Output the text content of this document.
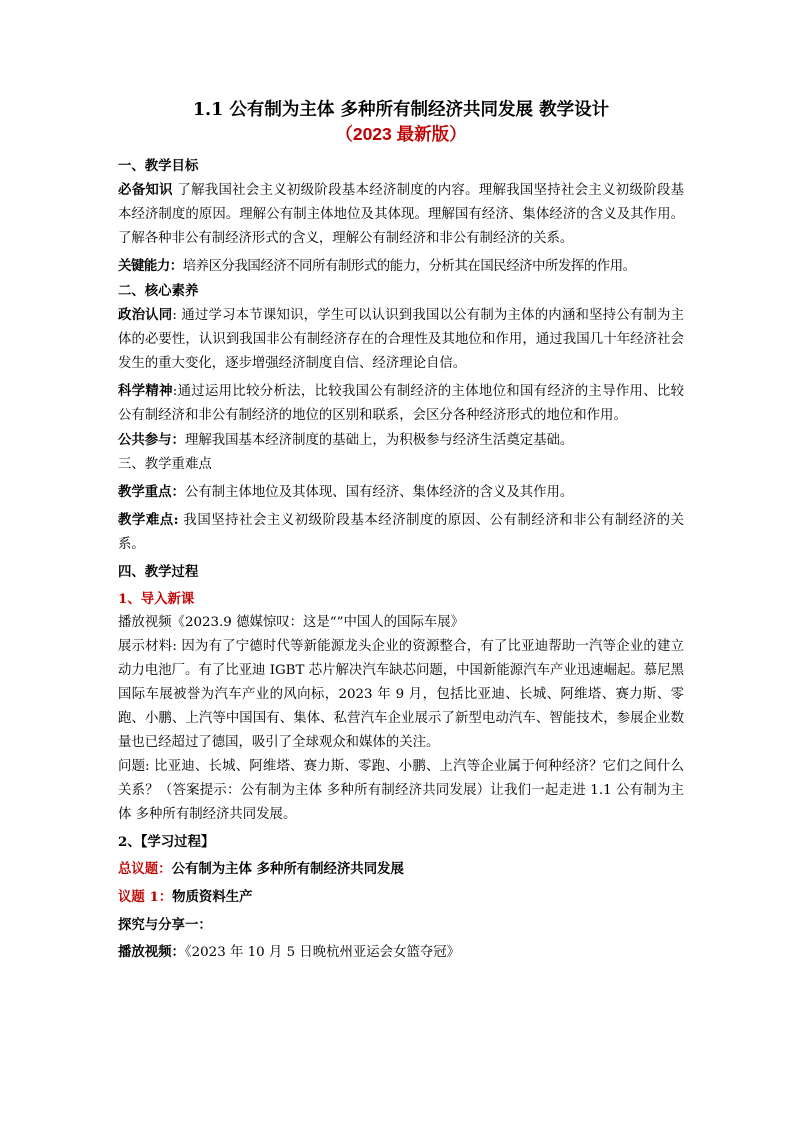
1.1 公有制为主体 多种所有制经济共同发展 教学设计
（2023 最新版）
一、教学目标

必备知识 了解我国社会主义初级阶段基本经济制度的内容。理解我国坚持社会主义初级阶段基本经济制度的原因。理解公有制主体地位及其体现。理解国有经济、集体经济的含义及其作用。了解各种非公有制经济形式的含义，理解公有制经济和非公有制经济的关系。

关键能力：培养区分我国经济不同所有制形式的能力，分析其在国民经济中所发挥的作用。

二、核心素养

政治认同: 通过学习本节课知识，学生可以认识到我国以公有制为主体的内涵和坚持公有制为主体的必要性，认识到我国非公有制经济存在的合理性及其地位和作用，通过我国几十年经济社会发生的重大变化，逐步增强经济制度自信、经济理论自信。

科学精神:通过运用比较分析法，比较我国公有制经济的主体地位和国有经济的主导作用、比较公有制经济和非公有制经济的地位的区别和联系，会区分各种经济形式的地位和作用。

公共参与：理解我国基本经济制度的基础上，为积极参与经济生活奠定基础。

三、教学重难点

教学重点：公有制主体地位及其体现、国有经济、集体经济的含义及其作用。

教学难点: 我国坚持社会主义初级阶段基本经济制度的原因、公有制经济和非公有制经济的关系。

四、教学过程
1、导入新课

播放视频《2023.9 德媒惊叹：这是“”中国人的国际车展》

展示材料: 因为有了宁德时代等新能源龙头企业的资源整合，有了比亚迪帮助一汽等企业的建立动力电池厂。有了比亚迪 IGBT 芯片解决汽车缺芯问题，中国新能源汽车产业迅速崛起。慕尼黑国际车展被誉为汽车产业的风向标，2023 年 9 月，包括比亚迪、长城、阿维塔、赛力斯、零跑、小鹏、上汽等中国国有、集体、私营汽车企业展示了新型电动汽车、智能技术，参展企业数量也已经超过了德国，吸引了全球观众和媒体的关注。

问题: 比亚迪、长城、阿维塔、赛力斯、零跑、小鹏、上汽等企业属于何种经济？它们之间什么关系？（答案提示：公有制为主体 多种所有制经济共同发展）让我们一起走进 1.1 公有制为主体 多种所有制经济共同发展。

2、【学习过程】

总议题：公有制为主体 多种所有制经济共同发展

议题 1：物质资料生产

探究与分享一：

播放视频：《2023 年 10 月 5 日晚杭州亚运会女篮夺冠》
